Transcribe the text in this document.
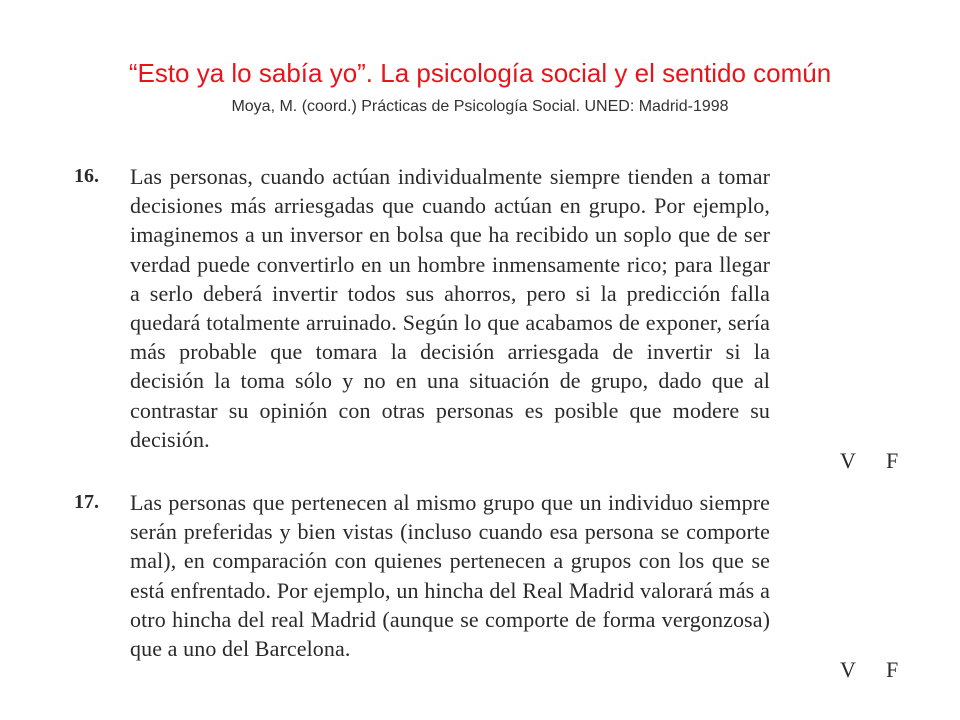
“Esto ya lo sabía yo”. La psicología social y el sentido común

Moya, M. (coord.) Prácticas de Psicología Social. UNED: Madrid-1998

16. Las personas, cuando actúan individualmente siempre tienden a tomar decisiones más arriesgadas que cuando actúan en grupo. Por ejemplo, imaginemos a un inversor en bolsa que ha recibido un soplo que de ser verdad puede convertirlo en un hombre inmensamente rico; para llegar a serlo deberá invertir todos sus ahorros, pero si la predicción falla quedará totalmente arruinado. Según lo que acabamos de exponer, sería más probable que tomara la decisión arriesgada de invertir si la decisión la toma sólo y no en una situación de grupo, dado que al contrastar su opinión con otras personas es posible que modere su decisión.
V F
17. Las personas que pertenecen al mismo grupo que un individuo siempre serán preferidas y bien vistas (incluso cuando esa persona se comporte mal), en comparación con quienes pertenecen a grupos con los que se está enfrentado. Por ejemplo, un hincha del Real Madrid valorará más a otro hincha del real Madrid (aunque se comporte de forma vergonzosa) que a uno del Barcelona.
V F
